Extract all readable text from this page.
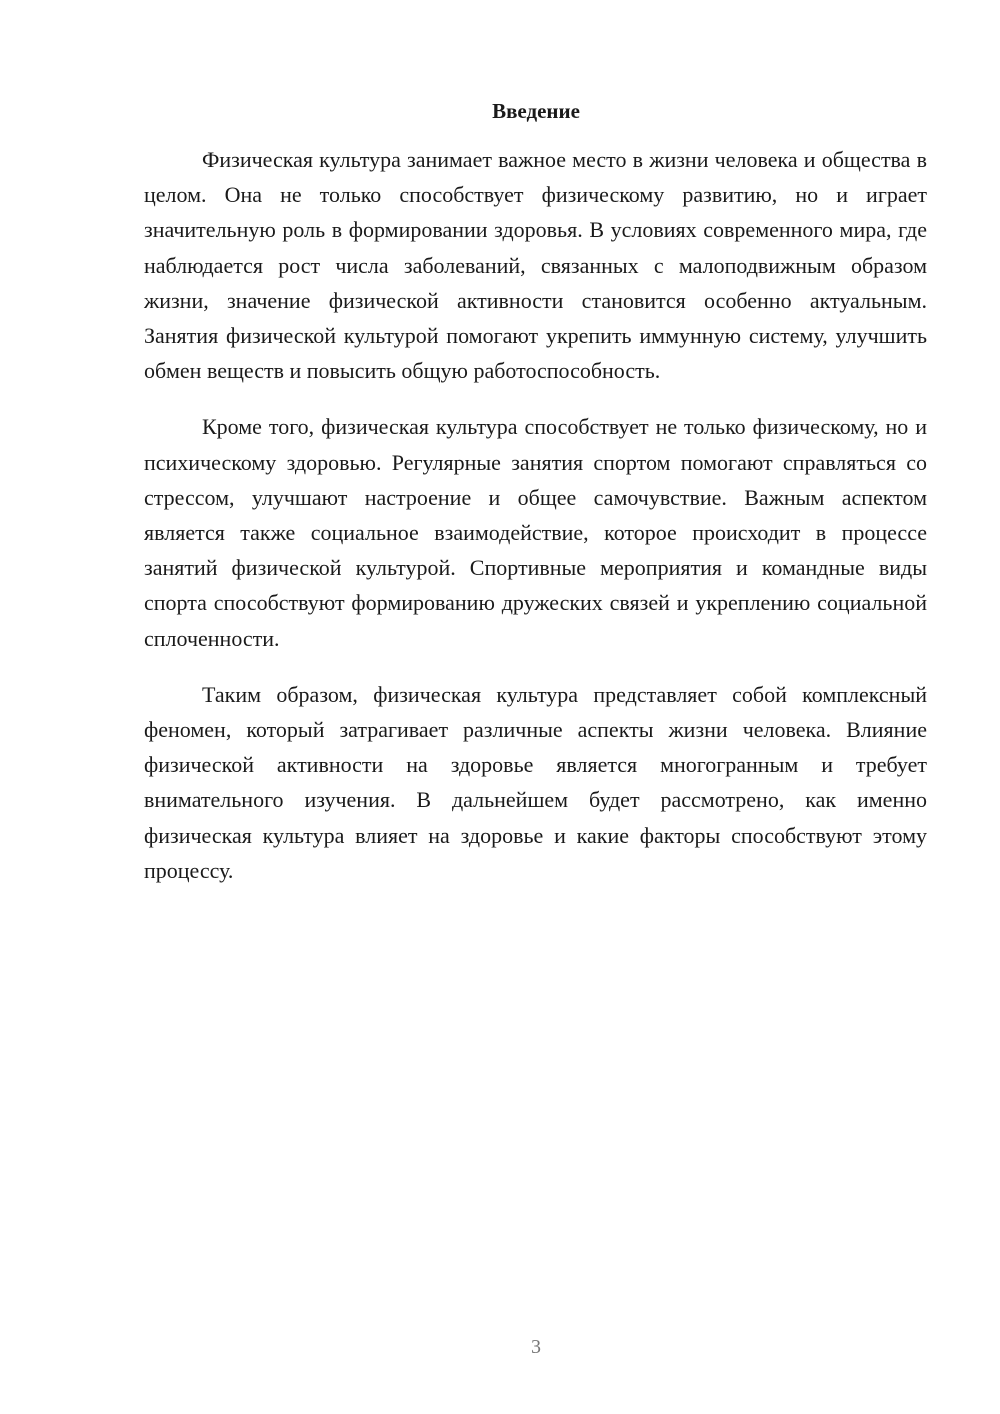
Введение

Физическая культура занимает важное место в жизни человека и общества в целом. Она не только способствует физическому развитию, но и играет значительную роль в формировании здоровья. В условиях современного мира, где наблюдается рост числа заболеваний, связанных с малоподвижным образом жизни, значение физической активности становится особенно актуальным. Занятия физической культурой помогают укрепить иммунную систему, улучшить обмен веществ и повысить общую работоспособность.

Кроме того, физическая культура способствует не только физическому, но и психическому здоровью. Регулярные занятия спортом помогают справляться со стрессом, улучшают настроение и общее самочувствие. Важным аспектом является также социальное взаимодействие, которое происходит в процессе занятий физической культурой. Спортивные мероприятия и командные виды спорта способствуют формированию дружеских связей и укреплению социальной сплоченности.

Таким образом, физическая культура представляет собой комплексный феномен, который затрагивает различные аспекты жизни человека. Влияние физической активности на здоровье является многогранным и требует внимательного изучения. В дальнейшем будет рассмотрено, как именно физическая культура влияет на здоровье и какие факторы способствуют этому процессу.

3
